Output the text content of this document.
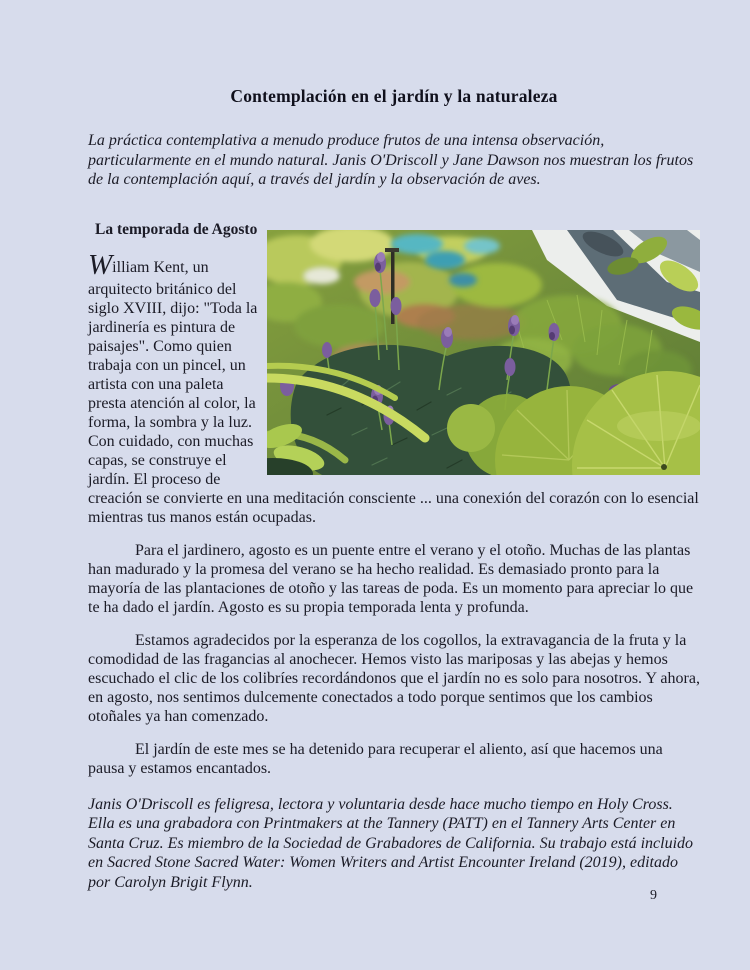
Contemplación en el jardín y la naturaleza

La práctica contemplativa a menudo produce frutos de una intensa observación, particularmente en el mundo natural. Janis O'Driscoll y Jane Dawson nos muestran los frutos de la contemplación aquí, a través del jardín y la observación de aves.

La temporada de Agosto

William Kent, un arquitecto británico del siglo XVIII, dijo: "Toda la jardinería es pintura de paisajes". Como quien trabaja con un pincel, un artista con una paleta presta atención al color, la forma, la sombra y la luz. Con cuidado, con muchas capas, se construye el jardín. El proceso de creación se convierte en una meditación consciente ... una conexión del corazón con lo esencial mientras tus manos están ocupadas.

Para el jardinero, agosto es un puente entre el verano y el otoño. Muchas de las plantas han madurado y la promesa del verano se ha hecho realidad. Es demasiado pronto para la mayoría de las plantaciones de otoño y las tareas de poda. Es un momento para apreciar lo que te ha dado el jardín. Agosto es su propia temporada lenta y profunda.

Estamos agradecidos por la esperanza de los cogollos, la extravagancia de la fruta y la comodidad de las fragancias al anochecer. Hemos visto las mariposas y las abejas y hemos escuchado el clic de los colibríes recordándonos que el jardín no es solo para nosotros. Y ahora, en agosto, nos sentimos dulcemente conectados a todo porque sentimos que los cambios otoñales ya han comenzado.

El jardín de este mes se ha detenido para recuperar el aliento, así que hacemos una pausa y estamos encantados.

Janis O'Driscoll es feligresa, lectora y voluntaria desde hace mucho tiempo en Holy Cross. Ella es una grabadora con Printmakers at the Tannery (PATT) en el Tannery Arts Center en Santa Cruz. Es miembro de la Sociedad de Grabadores de California. Su trabajo está incluido en Sacred Stone Sacred Water: Women Writers and Artist Encounter Ireland (2019), editado por Carolyn Brigit Flynn.

9
